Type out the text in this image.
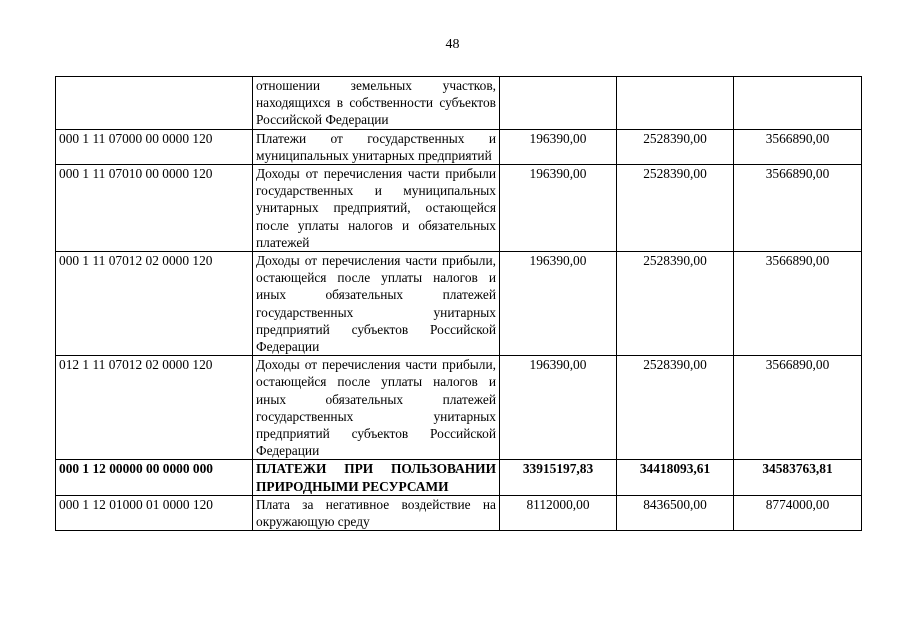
48
	отношении земельных участков, находящихся в собственности субъектов Российской Федерации			
000 1 11 07000 00 0000 120	Платежи от государственных и муниципальных унитарных предприятий	196390,00	2528390,00	3566890,00
000 1 11 07010 00 0000 120	Доходы от перечисления части прибыли государственных и муниципальных унитарных предприятий, остающейся после уплаты налогов и обязательных платежей	196390,00	2528390,00	3566890,00
000 1 11 07012 02 0000 120	Доходы от перечисления части прибыли, остающейся после уплаты налогов и иных обязательных платежей государственных унитарных предприятий субъектов Российской Федерации	196390,00	2528390,00	3566890,00
012 1 11 07012 02 0000 120	Доходы от перечисления части прибыли, остающейся после уплаты налогов и иных обязательных платежей государственных унитарных предприятий субъектов Российской Федерации	196390,00	2528390,00	3566890,00
000 1 12 00000 00 0000 000	ПЛАТЕЖИ ПРИ ПОЛЬЗОВАНИИ ПРИРОДНЫМИ РЕСУРСАМИ	33915197,83	34418093,61	34583763,81
000 1 12 01000 01 0000 120	Плата за негативное воздействие на окружающую среду	8112000,00	8436500,00	8774000,00
